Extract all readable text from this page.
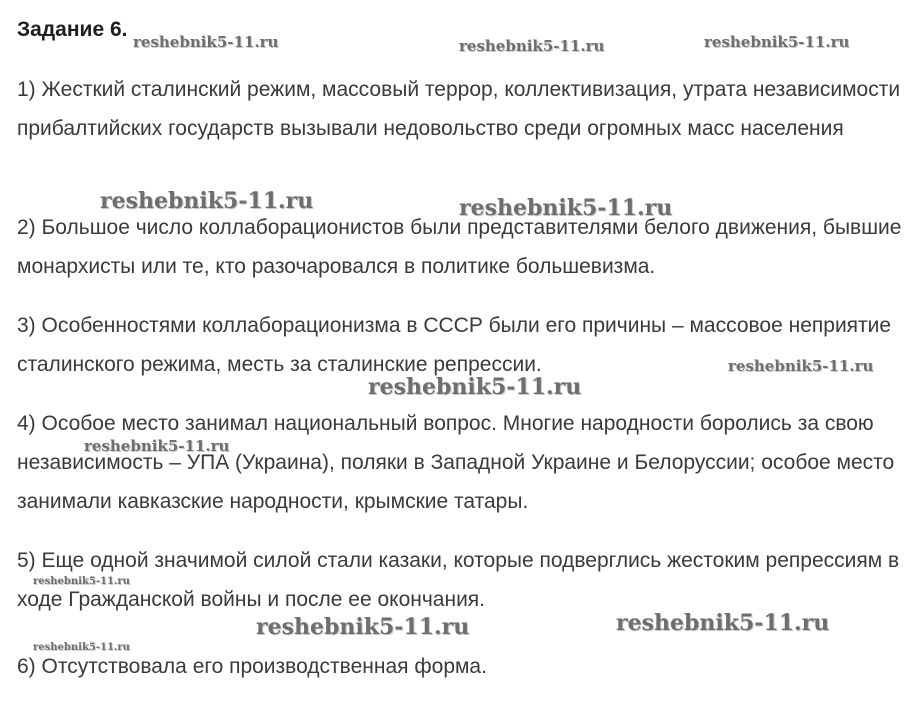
Задание 6.

1) Жесткий сталинский режим, массовый террор, коллективизация, утрата независимости прибалтийских государств вызывали недовольство среди огромных масс населения

2) Большое число коллаборационистов были представителями белого движения, бывшие монархисты или те, кто разочаровался в политике большевизма.

3) Особенностями коллаборационизма в СССР были его причины – массовое неприятие сталинского режима, месть за сталинские репрессии.

4) Особое место занимал национальный вопрос. Многие народности боролись за свою независимость – УПА (Украина), поляки в Западной Украине и Белоруссии; особое место занимали кавказские народности, крымские татары.

5) Еще одной значимой силой стали казаки, которые подверглись жестоким репрессиям в ходе Гражданской войны и после ее окончания.

6) Отсутствовала его производственная форма.

reshebnik5-11.ru	reshebnik5-11.ru	reshebnik5-11.ru
reshebnik5-11.ru	reshebnik5-11.ru
reshebnik5-11.ru
reshebnik5-11.ru
reshebnik5-11.ru
reshebnik5-11.ru
reshebnik5-11.ru	reshebnik5-11.ru
reshebnik5-11.ru
